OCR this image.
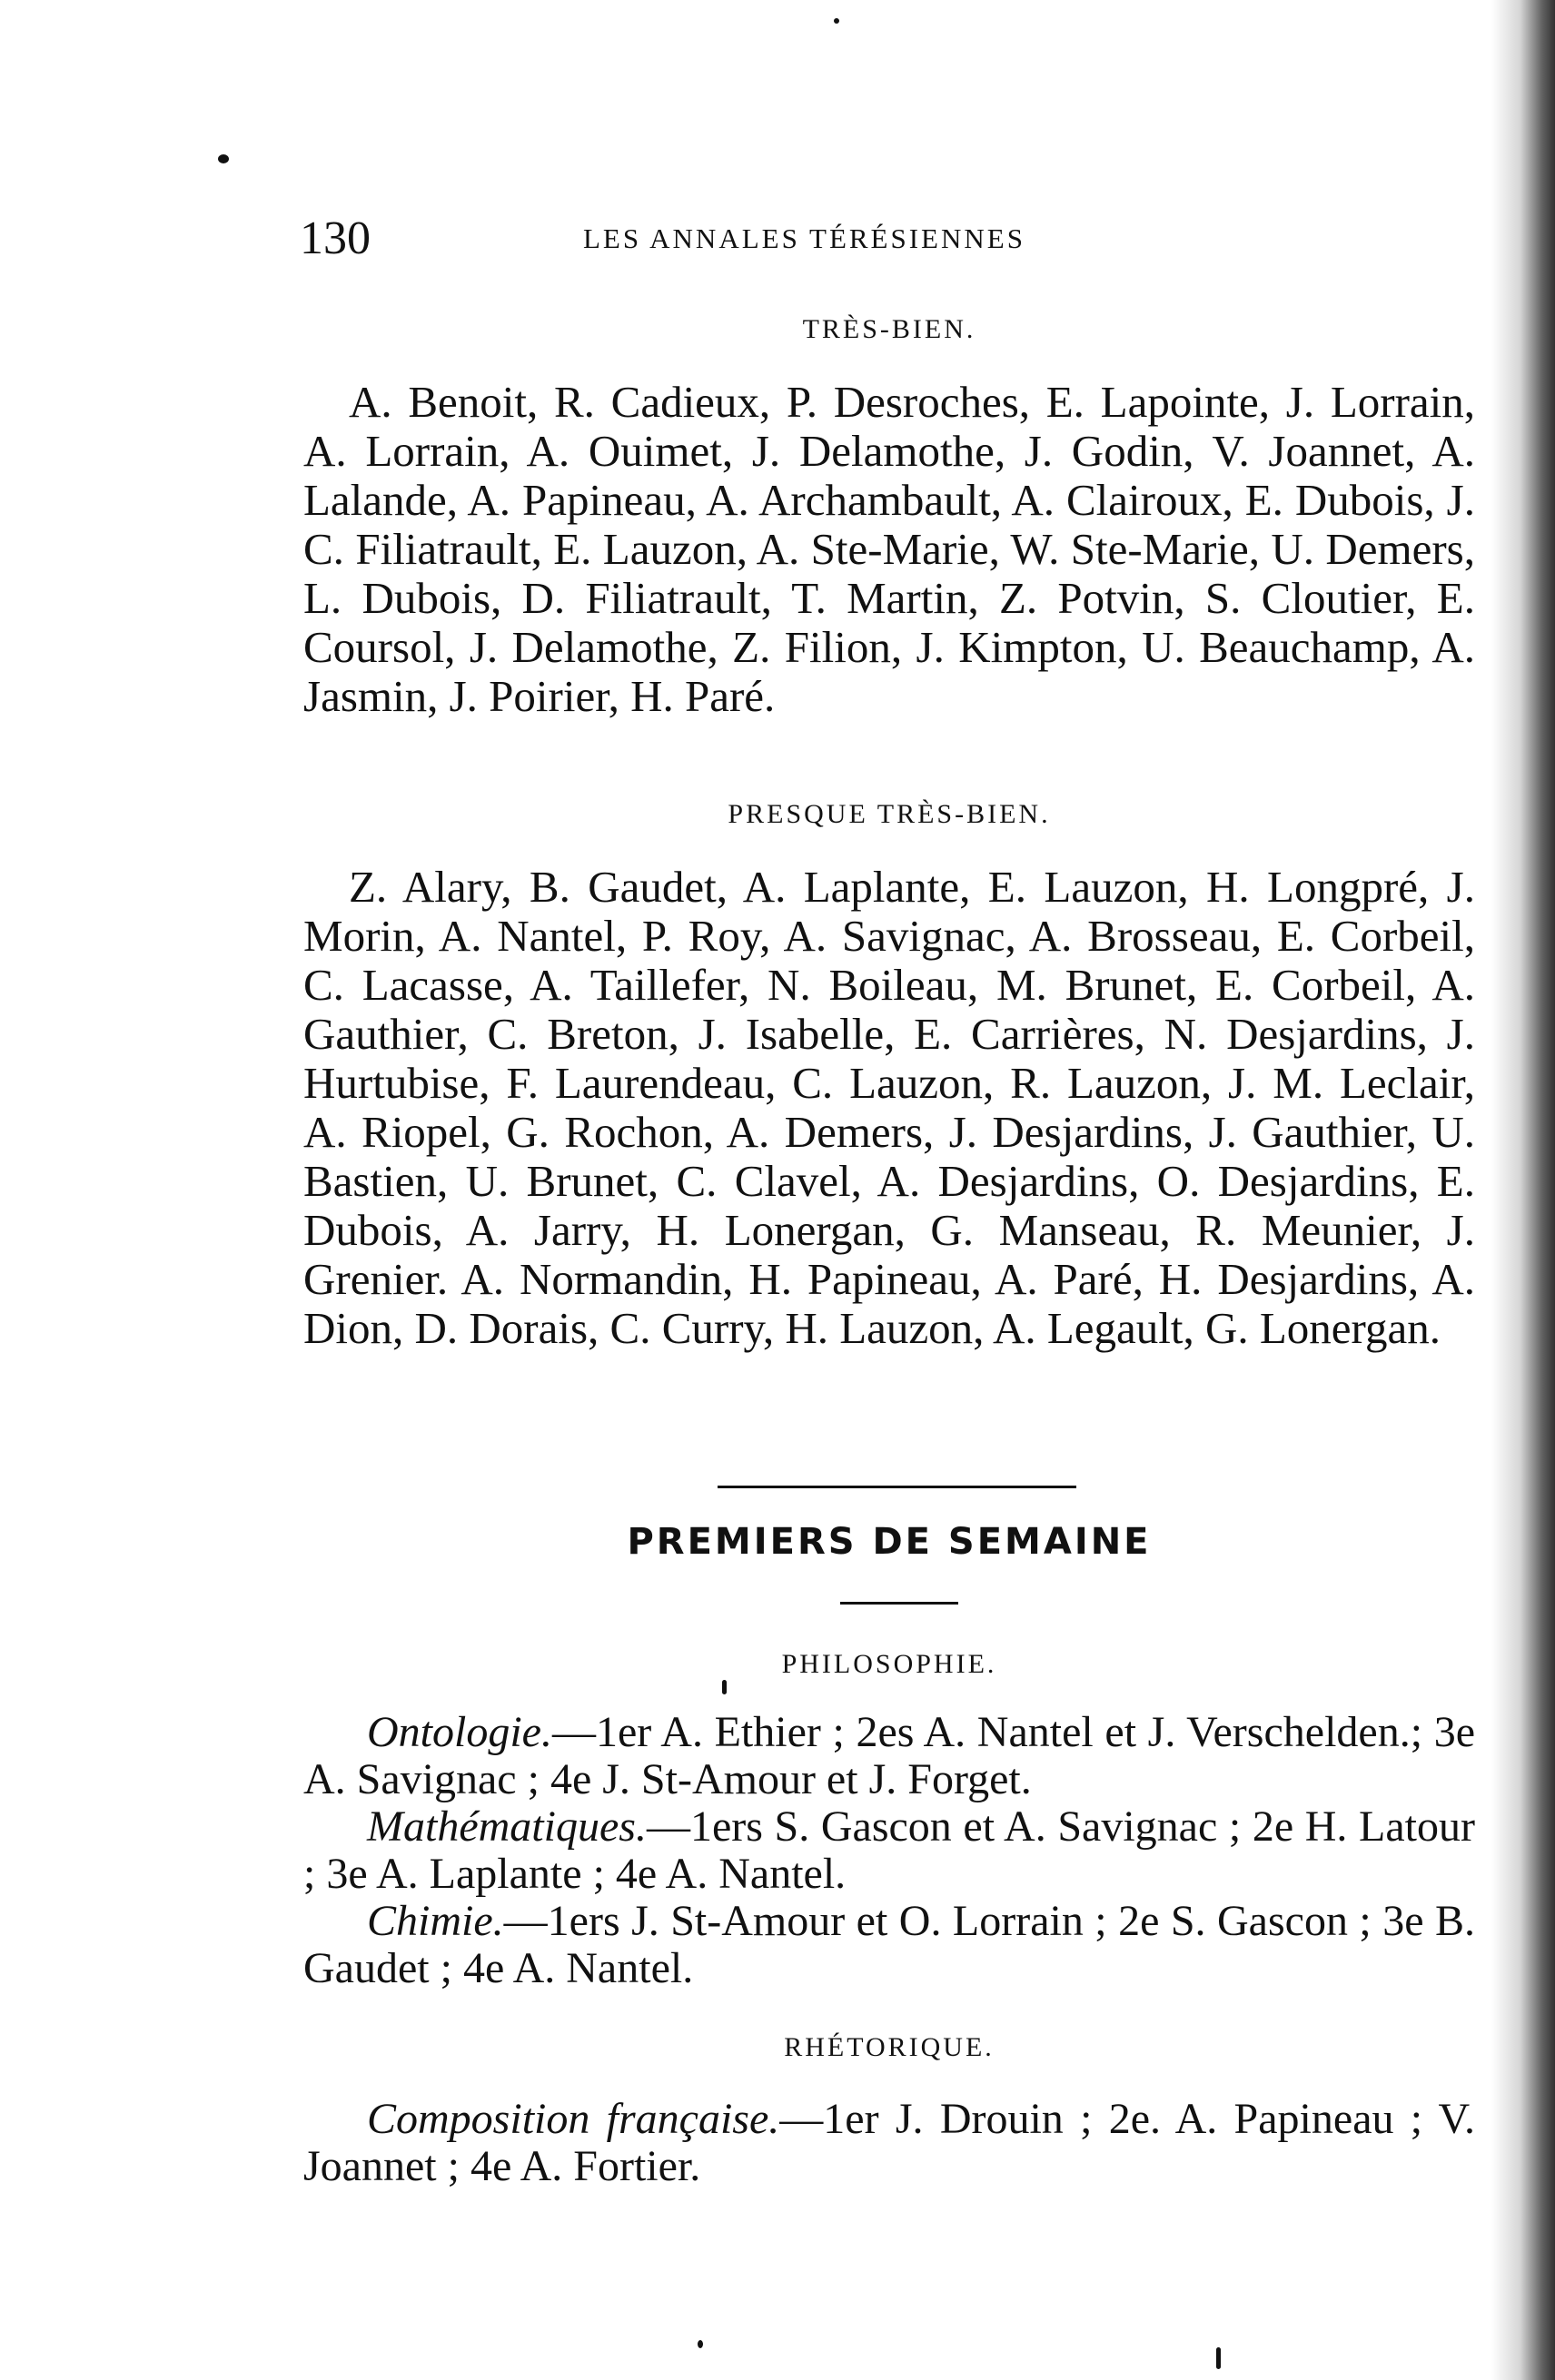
130	LES ANNALES TÉRÉSIENNES
TRÈS-BIEN.

A. Benoit, R. Cadieux, P. Desroches, E. Lapointe, J. Lorrain, A. Lorrain, A. Ouimet, J. Delamothe, J. Godin, V. Joannet, A. Lalande, A. Papineau, A. Archambault, A. Clairoux, E. Dubois, J. C. Filiatrault, E. Lauzon, A. Ste-Marie, W. Ste-Marie, U. Demers, L. Dubois, D. Filiatrault, T. Martin, Z. Potvin, S. Cloutier, E. Coursol, J. Delamothe, Z. Filion, J. Kimpton, U. Beauchamp, A. Jasmin, J. Poirier, H. Paré.

PRESQUE TRÈS-BIEN.

Z. Alary, B. Gaudet, A. Laplante, E. Lauzon, H. Longpré, J. Morin, A. Nantel, P. Roy, A. Savignac, A. Brosseau, E. Corbeil, C. Lacasse, A. Taillefer, N. Boileau, M. Brunet, E. Corbeil, A. Gauthier, C. Breton, J. Isabelle, E. Carrières, N. Desjardins, J. Hurtubise, F. Laurendeau, C. Lauzon, R. Lauzon, J. M. Leclair, A. Riopel, G. Rochon, A. Demers, J. Desjardins, J. Gauthier, U. Bastien, U. Brunet, C. Clavel, A. Desjardins, O. Desjardins, E. Dubois, A. Jarry, H. Lonergan, G. Manseau, R. Meunier, J. Grenier. A. Normandin, H. Papineau, A. Paré, H. Desjardins, A. Dion, D. Dorais, C. Curry, H. Lauzon, A. Legault, G. Lonergan.

PREMIERS DE SEMAINE
PHILOSOPHIE.

Ontologie.—1er A. Ethier ; 2es A. Nantel et J. Verschelden.; 3e A. Savignac ; 4e J. St-Amour et J. Forget.

Mathématiques.—1ers S. Gascon et A. Savignac ; 2e H. Latour ; 3e A. Laplante ; 4e A. Nantel.

Chimie.—1ers J. St-Amour et O. Lorrain ; 2e S. Gascon ; 3e B. Gaudet ; 4e A. Nantel.

RHÉTORIQUE.

Composition française.—1er J. Drouin ; 2e. A. Papineau ; V. Joannet ; 4e A. Fortier.
